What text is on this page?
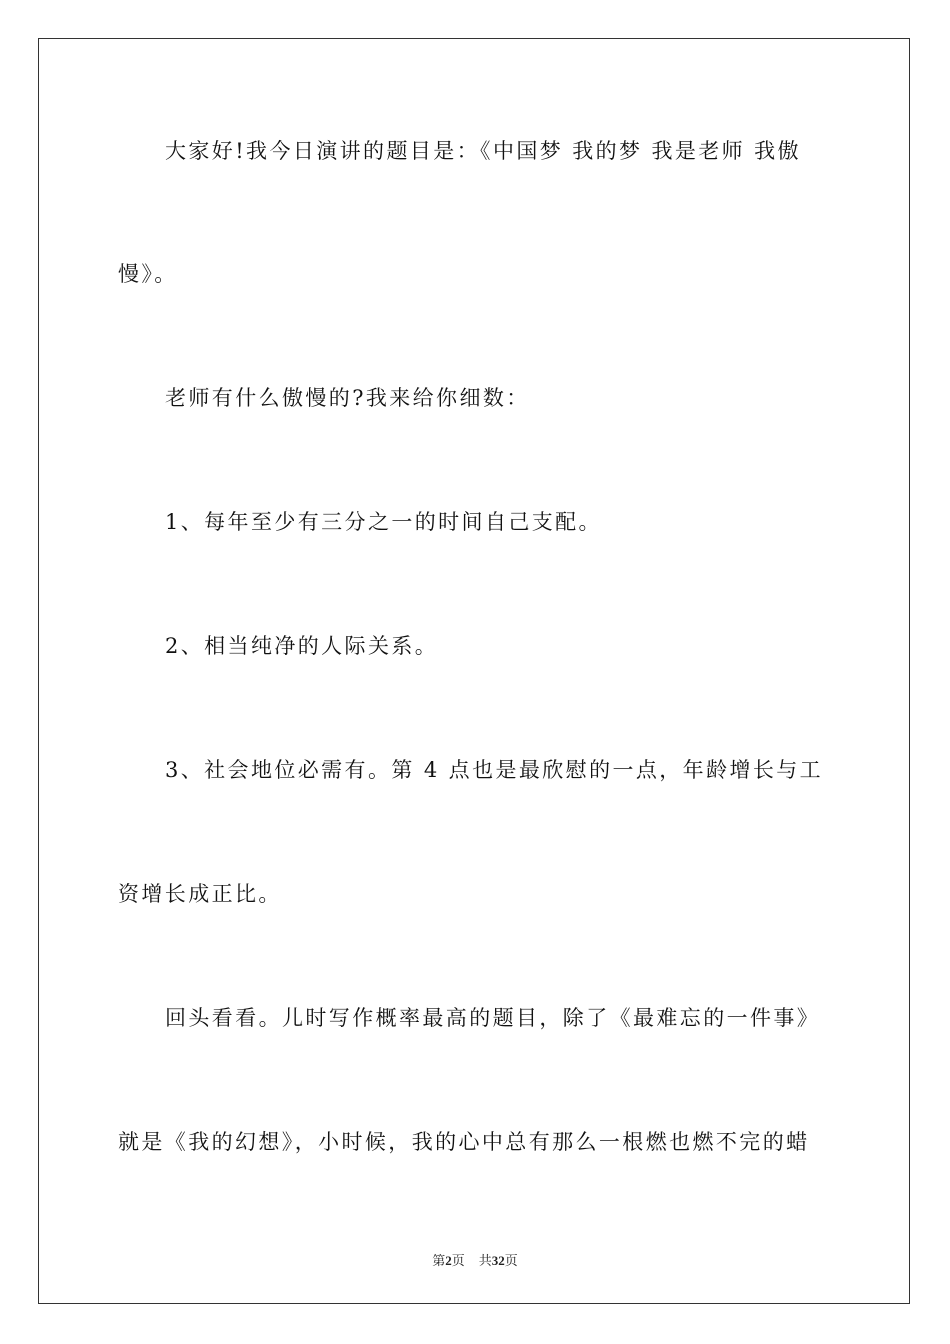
大家好!我今日演讲的题目是：《中国梦 我的梦 我是老师 我傲
慢》。
老师有什么傲慢的?我来给你细数：
1、每年至少有三分之一的时间自己支配。
2、相当纯净的人际关系。
3、社会地位必需有。第 4 点也是最欣慰的一点，年龄增长与工
资增长成正比。
回头看看。儿时写作概率最高的题目，除了《最难忘的一件事》
就是《我的幻想》，小时候，我的心中总有那么一根燃也燃不完的蜡
第2页 共32页
